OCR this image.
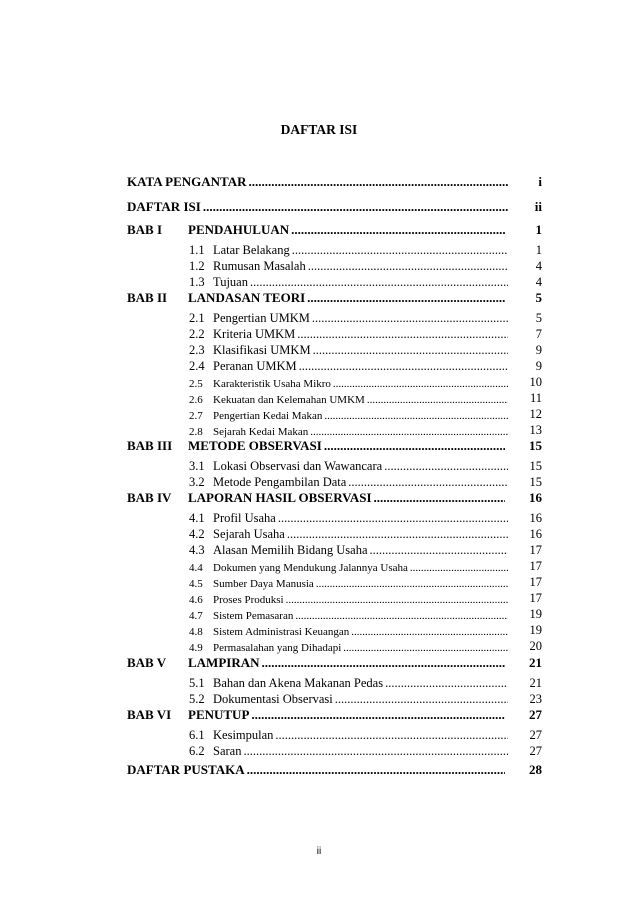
DAFTAR ISI
KATA PENGANTAR .....	i
DAFTAR ISI .....	ii
BAB I	PENDAHULUAN .....	1
1.1 Latar Belakang .....	1
1.2 Rumusan Masalah .....	4
1.3 Tujuan .....	4
BAB II	LANDASAN TEORI .....	5
2.1 Pengertian UMKM .....	5
2.2 Kriteria UMKM .....	7
2.3 Klasifikasi UMKM .....	9
2.4 Peranan UMKM .....	9
2.5 Karakteristik Usaha Mikro .....	10
2.6 Kekuatan dan Kelemahan UMKM .....	11
2.7 Pengertian Kedai Makan .....	12
2.8 Sejarah Kedai Makan .....	13
BAB III	METODE OBSERVASI .....	15
3.1 Lokasi Observasi dan Wawancara .....	15
3.2 Metode Pengambilan Data .....	15
BAB IV	LAPORAN HASIL OBSERVASI .....	16
4.1 Profil Usaha .....	16
4.2 Sejarah Usaha .....	16
4.3 Alasan Memilih Bidang Usaha .....	17
4.4 Dokumen yang Mendukung Jalannya Usaha .....	17
4.5 Sumber Daya Manusia .....	17
4.6 Proses Produksi .....	17
4.7 Sistem Pemasaran .....	19
4.8 Sistem Administrasi Keuangan .....	19
4.9 Permasalahan yang Dihadapi .....	20
BAB V	LAMPIRAN .....	21
5.1 Bahan dan Akena Makanan Pedas .....	21
5.2 Dokumentasi Observasi .....	23
BAB VI	PENUTUP .....	27
6.1 Kesimpulan .....	27
6.2 Saran .....	27
DAFTAR PUSTAKA .....	28
ii
